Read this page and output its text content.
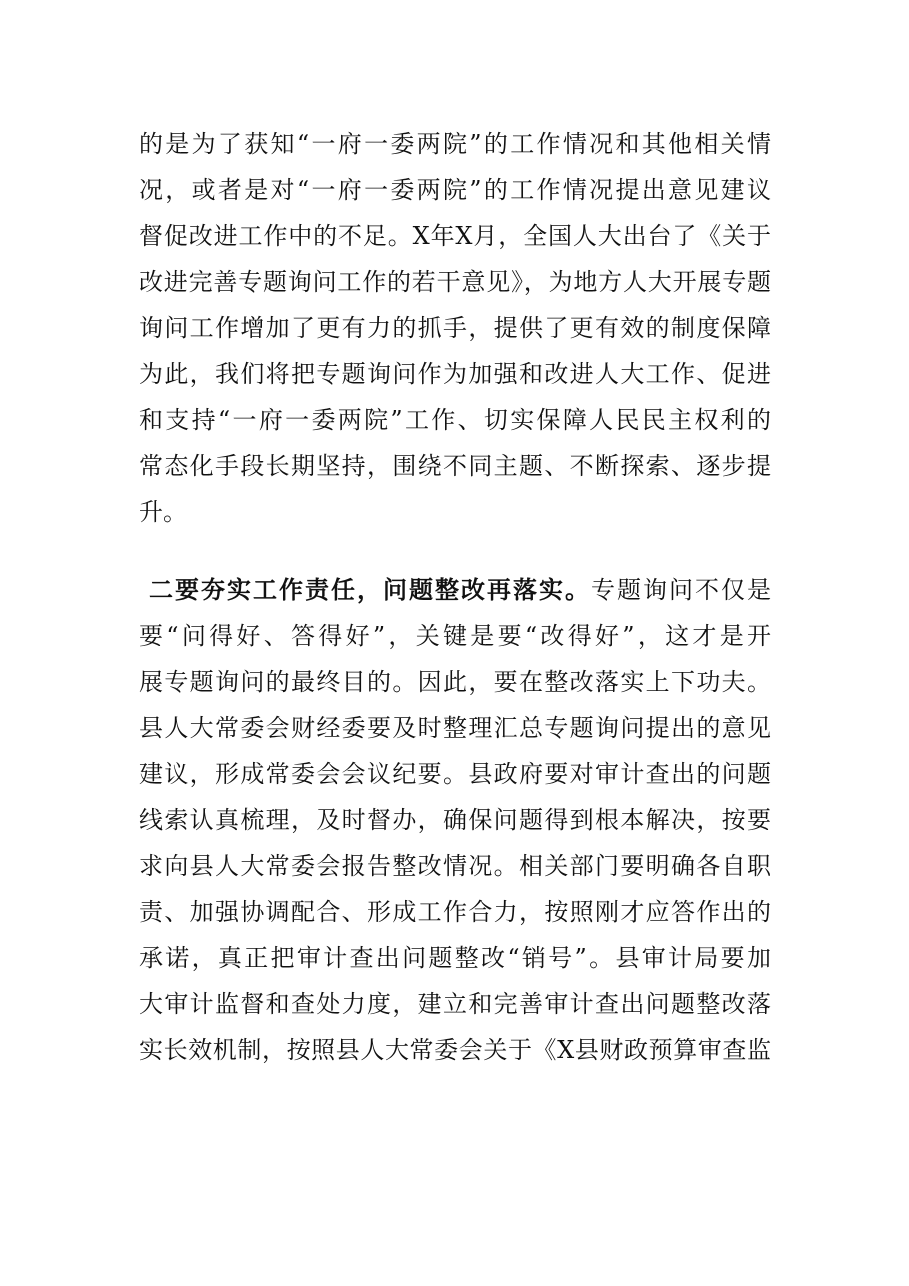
的是为了获知“一府一委两院”的工作情况和其他相关情
况，或者是对“一府一委两院”的工作情况提出意见建议
督促改进工作中的不足。X年X月，全国人大出台了《关于
改进完善专题询问工作的若干意见》，为地方人大开展专题
询问工作增加了更有力的抓手，提供了更有效的制度保障
为此，我们将把专题询问作为加强和改进人大工作、促进
和支持“一府一委两院”工作、切实保障人民民主权利的
常态化手段长期坚持，围绕不同主题、不断探索、逐步提
升。
二要夯实工作责任，问题整改再落实。专题询问不仅是
要“问得好、答得好”，关键是要“改得好”，这才是开
展专题询问的最终目的。因此，要在整改落实上下功夫。
县人大常委会财经委要及时整理汇总专题询问提出的意见
建议，形成常委会会议纪要。县政府要对审计查出的问题
线索认真梳理，及时督办，确保问题得到根本解决，按要
求向县人大常委会报告整改情况。相关部门要明确各自职
责、加强协调配合、形成工作合力，按照刚才应答作出的
承诺，真正把审计查出问题整改“销号”。县审计局要加
大审计监督和查处力度，建立和完善审计查出问题整改落
实长效机制，按照县人大常委会关于《X县财政预算审查监
